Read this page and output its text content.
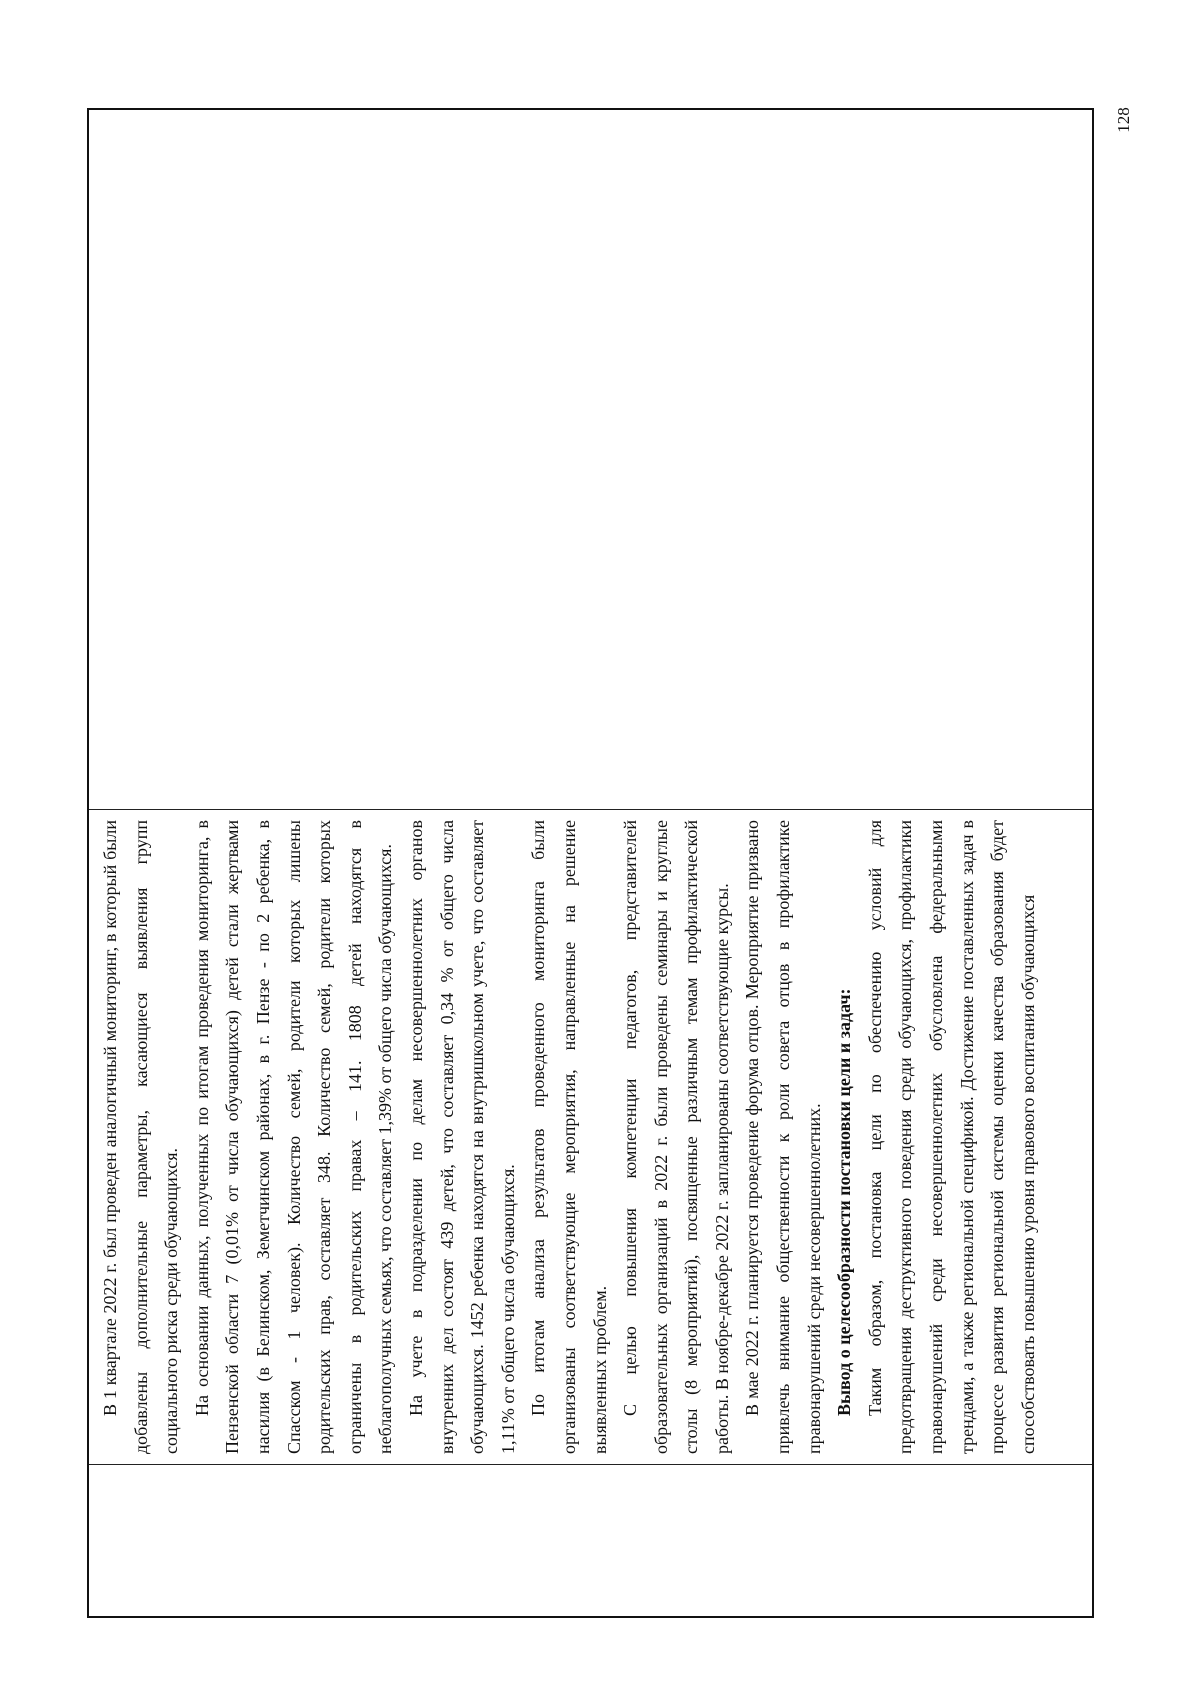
128

В 1 квартале 2022 г. был проведен аналогичный мониторинг, в который были добавлены дополнительные параметры, касающиеся выявления групп социального риска среди обучающихся. На основании данных, полученных по итогам проведения мониторинга, в Пензенской области 7 (0,01% от числа обучающихся) детей стали жертвами насилия (в Белинском, Земетчинском районах, в г. Пензе - по 2 ребенка, в Спасском - 1 человек). Количество семей, родители которых лишены родительских прав, составляет 348. Количество семей, родители которых ограничены в родительских правах – 141. 1808 детей находятся в неблагополучных семьях, что составляет 1,39% от общего числа обучающихся. На учете в подразделении по делам несовершеннолетних органов внутренних дел состоят 439 детей, что составляет 0,34 % от общего числа обучающихся. 1452 ребенка находятся на внутришкольном учете, что составляет 1,11% от общего числа обучающихся. По итогам анализа результатов проведенного мониторинга были организованы соответствующие мероприятия, направленные на решение выявленных проблем. С целью повышения компетенции педагогов, представителей образовательных организаций в 2022 г. были проведены семинары и круглые столы (8 мероприятий), посвященные различным темам профилактической работы. В ноябре-декабре 2022 г. запланированы соответствующие курсы. В мае 2022 г. планируется проведение форума отцов. Мероприятие призвано привлечь внимание общественности к роли совета отцов в профилактике правонарушений среди несовершеннолетних. Вывод о целесообразности постановки цели и задач: Таким образом, постановка цели по обеспечению условий для предотвращения деструктивного поведения среди обучающихся, профилактики правонарушений среди несовершеннолетних обусловлена федеральными трендами, а также региональной спецификой. Достижение поставленных задач в процессе развития региональной системы оценки качества образования будет способствовать повышению уровня правового воспитания обучающихся
